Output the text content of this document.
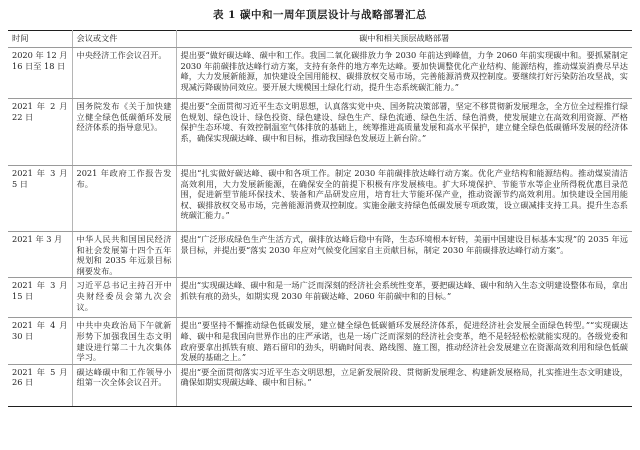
表 1 碳中和一周年顶层设计与战略部署汇总
时间	会议或文件	碳中和相关顶层战略部署
2020 年 12 月 16 日至 18 日	中央经济工作会议召开。	提出要“做好碳达峰、碳中和工作。我国二氧化碳排放力争 2030 年前达到峰值，力争 2060 年前实现碳中和。要抓紧制定 2030 年前碳排放达峰行动方案，支持有条件的地方率先达峰。要加快调整优化产业结构、能源结构，推动煤炭消费尽早达峰，大力发展新能源，加快建设全国用能权、碳排放权交易市场，完善能源消费双控制度。要继续打好污染防治攻坚战，实现减污降碳协同效应。要开展大规模国土绿化行动，提升生态系统碳汇能力。”
2021 年 2 月 22 日	国务院发布《关于加快建立健全绿色低碳循环发展经济体系的指导意见》。	提出要“全面贯彻习近平生态文明思想，认真落实党中央、国务院决策部署，坚定不移贯彻新发展理念，全方位全过程推行绿色规划、绿色设计、绿色投资、绿色建设、绿色生产、绿色流通、绿色生活、绿色消费，使发展建立在高效利用资源、严格保护生态环境、有效控制温室气体排放的基础上，统筹推进高质量发展和高水平保护，建立健全绿色低碳循环发展的经济体系，确保实现碳达峰、碳中和目标，推动我国绿色发展迈上新台阶。”
2021 年 3 月 5 日	2021 年政府工作报告发布。	提出“扎实做好碳达峰、碳中和各项工作。制定 2030 年前碳排放达峰行动方案。优化产业结构和能源结构。推动煤炭清洁高效利用，大力发展新能源，在确保安全的前提下积极有序发展核电。扩大环境保护、节能节水等企业所得税优惠目录范围，促进新型节能环保技术、装备和产品研发应用，培育壮大节能环保产业，推动资源节约高效利用。加快建设全国用能权、碳排放权交易市场，完善能源消费双控制度。实施金融支持绿色低碳发展专项政策，设立碳减排支持工具。提升生态系统碳汇能力。”
2021 年 3 月	中华人民共和国国民经济和社会发展第十四个五年规划和 2035 年远景目标纲要发布。	提出“广泛形成绿色生产生活方式，碳排放达峰后稳中有降，生态环境根本好转，美丽中国建设目标基本实现”的 2035 年远景目标，并提出要“落实 2030 年应对气候变化国家自主贡献目标，制定 2030 年前碳排放达峰行动方案”。
2021 年 3 月 15 日	习近平总书记主持召开中央财经委员会第九次会议。	提出“实现碳达峰、碳中和是一场广泛而深刻的经济社会系统性变革，要把碳达峰、碳中和纳入生态文明建设整体布局，拿出抓铁有痕的劲头，如期实现 2030 年前碳达峰、2060 年前碳中和的目标。”
2021 年 4 月 30 日	中共中央政治局下午就新形势下加强我国生态文明建设进行第二十九次集体学习。	提出“要坚持不懈推动绿色低碳发展，建立健全绿色低碳循环发展经济体系，促进经济社会发展全面绿色转型。”“实现碳达峰、碳中和是我国向世界作出的庄严承诺，也是一场广泛而深刻的经济社会变革，绝不是轻轻松松就能实现的。各级党委和政府要拿出抓铁有痕、踏石留印的劲头，明确时间表、路线图、施工图，推动经济社会发展建立在资源高效利用和绿色低碳发展的基础之上。”
2021 年 5 月 26 日	碳达峰碳中和工作领导小组第一次全体会议召开。	提出“要全面贯彻落实习近平生态文明思想，立足新发展阶段、贯彻新发展理念、构建新发展格局，扎实推进生态文明建设，确保如期实现碳达峰、碳中和目标。”
